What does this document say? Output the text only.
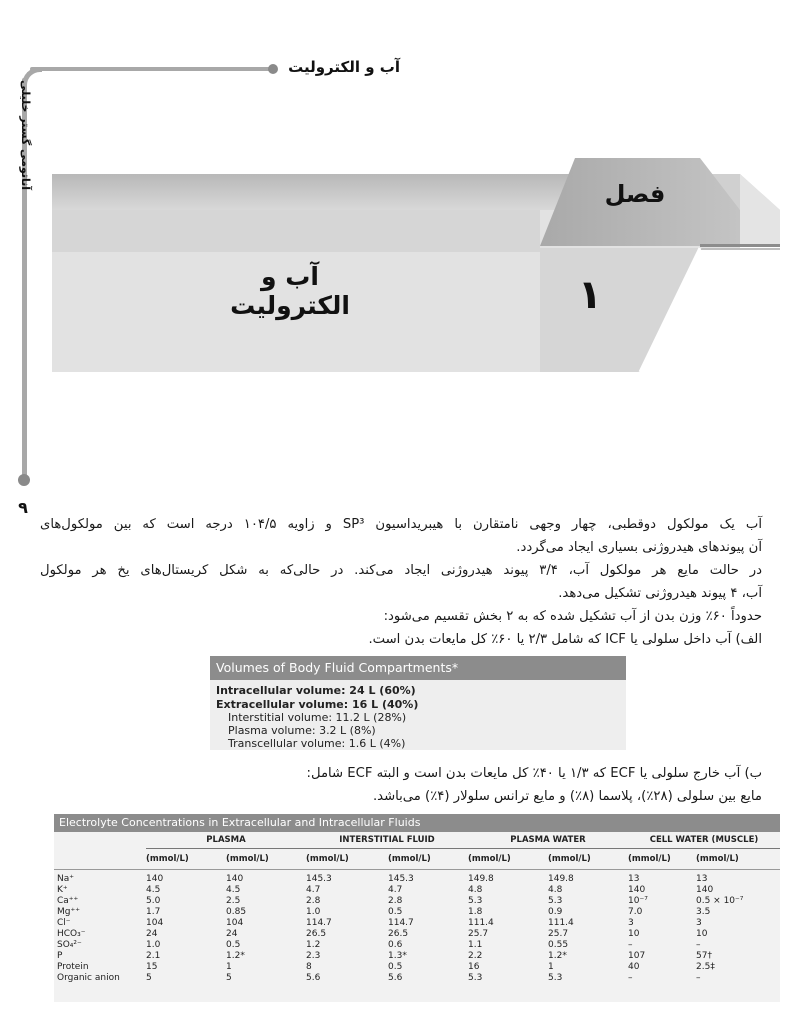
آب و الکترولیت
آناتومی گستر خلیلی
۹
فصل
۱
آب و الکترولیت
آب یک مولکول دوقطبی، چهار وجهی نامتقارن با هیبریداسیون SP³ و زاویه ۱۰۴/۵ درجه است که بین مولکول‌های
آن پیوندهای هیدروژنی بسیاری ایجاد می‌گردد.
در حالت مایع هر مولکول آب، ۳/۴ پیوند هیدروژنی ایجاد می‌کند. در حالی‌که به شکل کریستال‌های یخ هر مولکول
آب، ۴ پیوند هیدروژنی تشکیل می‌دهد.
حدوداً ۶۰٪ وزن بدن از آب تشکیل شده که به ۲ بخش تقسیم می‌شود:
الف) آب داخل سلولی یا ICF که شامل ۲/۳ یا ۶۰٪ کل مایعات بدن است.
Volumes of Body Fluid Compartments*
Intracellular volume: 24 L (60%)
Extracellular volume: 16 L (40%)
Interstitial volume: 11.2 L (28%)
Plasma volume: 3.2 L (8%)
Transcellular volume: 1.6 L (4%)
ب) آب خارج سلولی یا ECF که ۱/۳ یا ۴۰٪ کل مایعات بدن است و البته ECF شامل:
مایع بین سلولی (۲۸٪)، پلاسما (۸٪) و مایع ترانس سلولار (۴٪) می‌باشد.
Electrolyte Concentrations in Extracellular and Intracellular Fluids
	PLASMA		INTERSTITIAL FLUID		PLASMA WATER		CELL WATER (MUSCLE)	
	(mmol/L)	(mmol/L)	(mmol/L)	(mmol/L)	(mmol/L)	(mmol/L)	(mmol/L)	(mmol/L)
Na⁺	140	140	145.3	145.3	149.8	149.8	13	13
K⁺	4.5	4.5	4.7	4.7	4.8	4.8	140	140
Ca⁺⁺	5.0	2.5	2.8	2.8	5.3	5.3	10⁻⁷	0.5 × 10⁻⁷
Mg⁺⁺	1.7	0.85	1.0	0.5	1.8	0.9	7.0	3.5
Cl⁻	104	104	114.7	114.7	111.4	111.4	3	3
HCO₃⁻	24	24	26.5	26.5	25.7	25.7	10	10
SO₄²⁻	1.0	0.5	1.2	0.6	1.1	0.55	–	–
P	2.1	1.2*	2.3	1.3*	2.2	1.2*	107	57†
Protein	15	1	8	0.5	16	1	40	2.5‡
Organic anion	5	5	5.6	5.6	5.3	5.3	–	–
